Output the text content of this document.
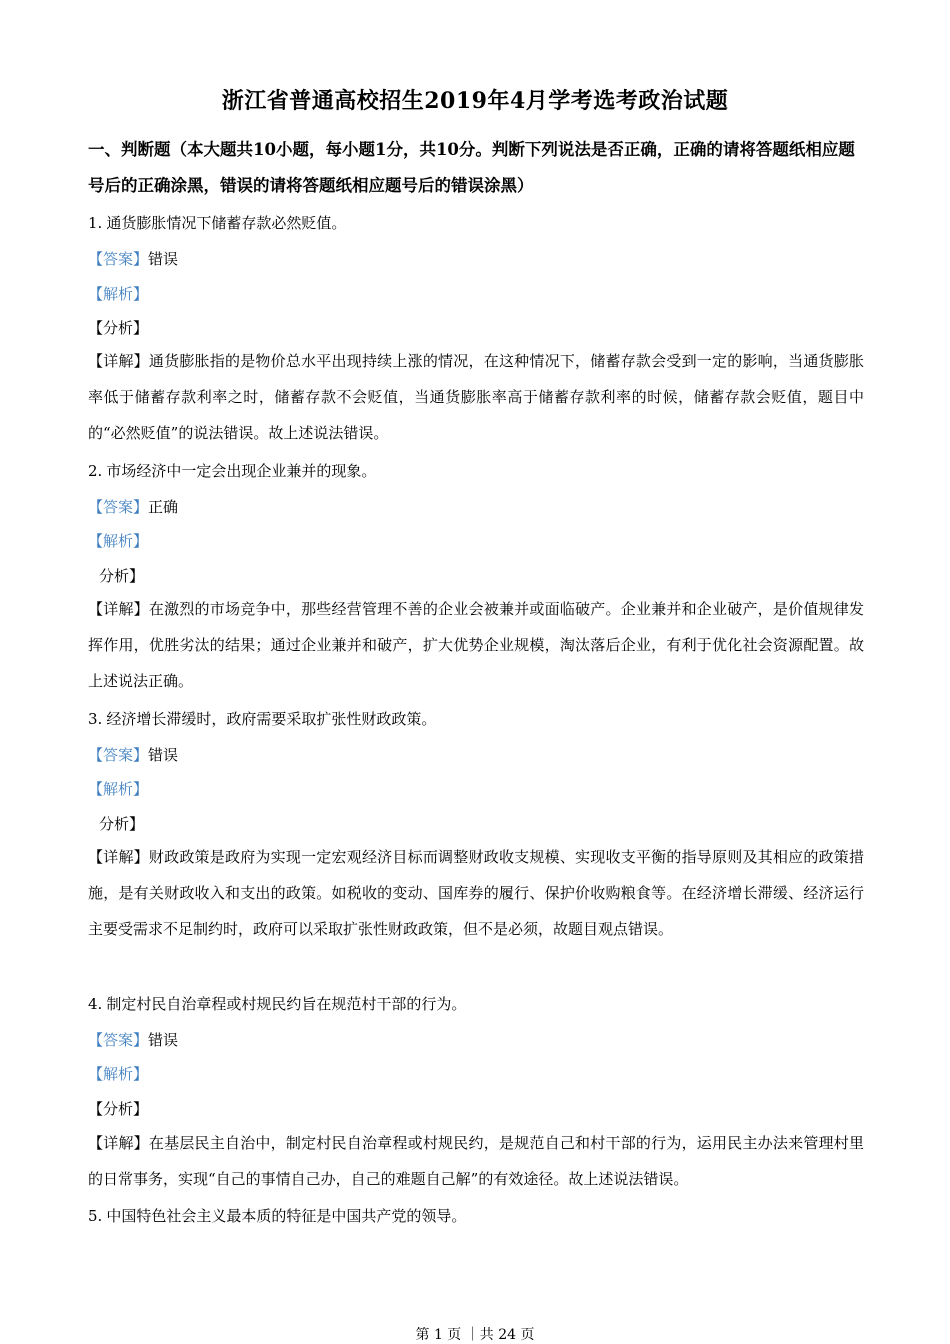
浙江省普通高校招生2019年4月学考选考政治试题
一、判断题（本大题共10小题，每小题1分，共10分。判断下列说法是否正确，正确的请将答题纸相应题号后的正确涂黑，错误的请将答题纸相应题号后的错误涂黑）
1. 通货膨胀情况下储蓄存款必然贬值。
【答案】错误
【解析】
【分析】
【详解】通货膨胀指的是物价总水平出现持续上涨的情况，在这种情况下，储蓄存款会受到一定的影响，当通货膨胀率低于储蓄存款利率之时，储蓄存款不会贬值，当通货膨胀率高于储蓄存款利率的时候，储蓄存款会贬值，题目中的“必然贬值”的说法错误。故上述说法错误。
2. 市场经济中一定会出现企业兼并的现象。
【答案】正确
【解析】
分析】
【详解】在激烈的市场竞争中，那些经营管理不善的企业会被兼并或面临破产。企业兼并和企业破产，是价值规律发挥作用，优胜劣汰的结果；通过企业兼并和破产，扩大优势企业规模，淘汰落后企业，有利于优化社会资源配置。故上述说法正确。
3. 经济增长滞缓时，政府需要采取扩张性财政政策。
【答案】错误
【解析】
分析】
【详解】财政政策是政府为实现一定宏观经济目标而调整财政收支规模、实现收支平衡的指导原则及其相应的政策措施，是有关财政收入和支出的政策。如税收的变动、国库券的履行、保护价收购粮食等。在经济增长滞缓、经济运行主要受需求不足制约时，政府可以采取扩张性财政政策，但不是必须，故题目观点错误。
4. 制定村民自治章程或村规民约旨在规范村干部的行为。
【答案】错误
【解析】
【分析】
【详解】在基层民主自治中，制定村民自治章程或村规民约，是规范自己和村干部的行为，运用民主办法来管理村里的日常事务，实现“自己的事情自己办，自己的难题自己解”的有效途径。故上述说法错误。
5. 中国特色社会主义最本质的特征是中国共产党的领导。
第 1 页 ｜共 24 页
